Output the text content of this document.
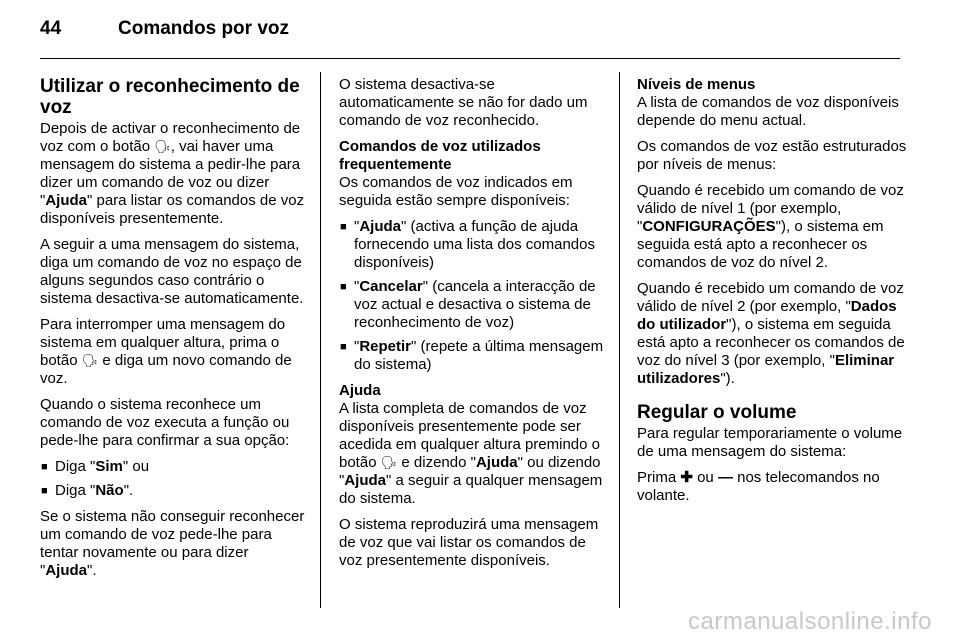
44	Comandos por voz
Utilizar o reconhecimento de voz

Depois de activar o reconhecimento de voz com o botão 🗣︎, vai haver uma mensagem do sistema a pedir-lhe para dizer um comando de voz ou dizer "Ajuda" para listar os comandos de voz disponíveis presentemente.

A seguir a uma mensagem do sistema, diga um comando de voz no espaço de alguns segundos caso contrário o sistema desactiva-se automaticamente.

Para interromper uma mensagem do sistema em qualquer altura, prima o botão 🗣︎ e diga um novo comando de voz.

Quando o sistema reconhece um comando de voz executa a função ou pede-lhe para confirmar a sua opção:

■ Diga "Sim" ou
■ Diga "Não".

Se o sistema não conseguir reconhecer um comando de voz pede-lhe para tentar novamente ou para dizer "Ajuda".

O sistema desactiva-se automaticamente se não for dado um comando de voz reconhecido.

Comandos de voz utilizados frequentemente

Os comandos de voz indicados em seguida estão sempre disponíveis:

■ "Ajuda" (activa a função de ajuda fornecendo uma lista dos comandos disponíveis)
■ "Cancelar" (cancela a interacção de voz actual e desactiva o sistema de reconhecimento de voz)
■ "Repetir" (repete a última mensagem do sistema)
Ajuda

A lista completa de comandos de voz disponíveis presentemente pode ser acedida em qualquer altura premindo o botão 🗣︎ e dizendo "Ajuda" ou dizendo "Ajuda" a seguir a qualquer mensagem do sistema.

O sistema reproduzirá uma mensagem de voz que vai listar os comandos de voz presentemente disponíveis.

Níveis de menus

A lista de comandos de voz disponíveis depende do menu actual.

Os comandos de voz estão estruturados por níveis de menus:

Quando é recebido um comando de voz válido de nível 1 (por exemplo, "CONFIGURAÇÕES"), o sistema em seguida está apto a reconhecer os comandos de voz do nível 2.

Quando é recebido um comando de voz válido de nível 2 (por exemplo, "Dados do utilizador"), o sistema em seguida está apto a reconhecer os comandos de voz do nível 3 (por exemplo, "Eliminar utilizadores").

Regular o volume

Para regular temporariamente o volume de uma mensagem do sistema:

Prima ✚ ou — nos telecomandos no volante.

carmanualsonline.info
